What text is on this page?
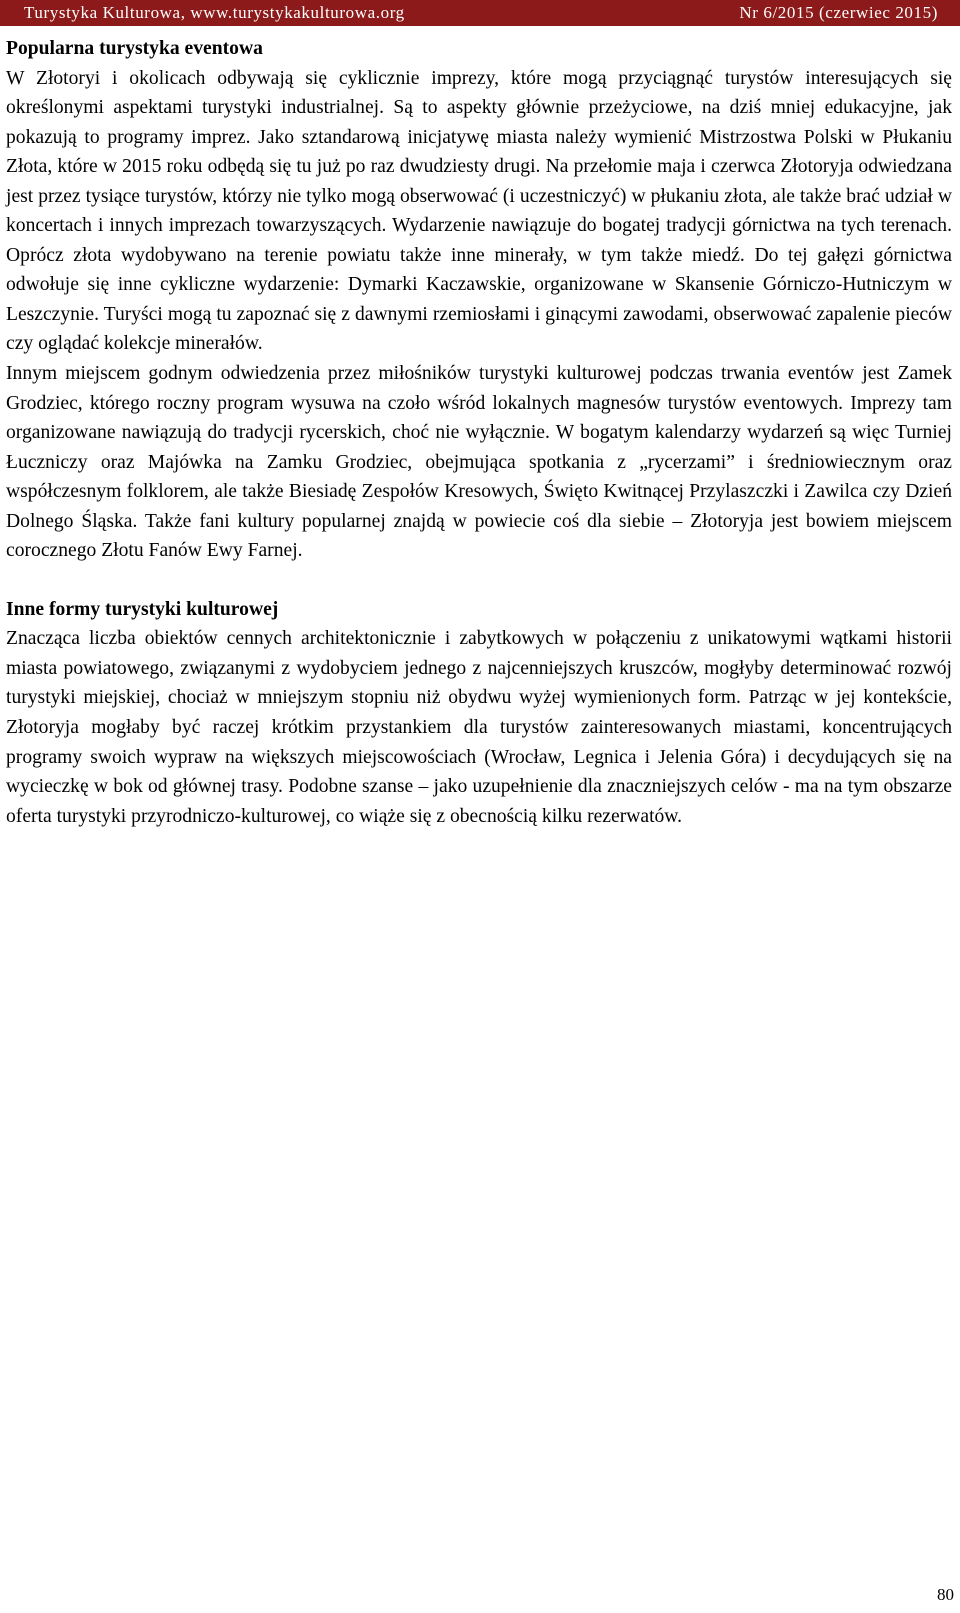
Turystyka Kulturowa, www.turystykakulturowa.org	Nr 6/2015 (czerwiec 2015)

Popularna turystyka eventowa

W Złotoryi i okolicach odbywają się cyklicznie imprezy, które mogą przyciągnąć turystów interesujących się określonymi aspektami turystyki industrialnej. Są to aspekty głównie przeżyciowe, na dziś mniej edukacyjne, jak pokazują to programy imprez. Jako sztandarową inicjatywę miasta należy wymienić Mistrzostwa Polski w Płukaniu Złota, które w 2015 roku odbędą się tu już po raz dwudziesty drugi. Na przełomie maja i czerwca Złotoryja odwiedzana jest przez tysiące turystów, którzy nie tylko mogą obserwować (i uczestniczyć) w płukaniu złota, ale także brać udział w koncertach i innych imprezach towarzyszących. Wydarzenie nawiązuje do bogatej tradycji górnictwa na tych terenach. Oprócz złota wydobywano na terenie powiatu także inne minerały, w tym także miedź. Do tej gałęzi górnictwa odwołuje się inne cykliczne wydarzenie: Dymarki Kaczawskie, organizowane w Skansenie Górniczo-Hutniczym w Leszczynie. Turyści mogą tu zapoznać się z dawnymi rzemiosłami i ginącymi zawodami, obserwować zapalenie pieców czy oglądać kolekcje minerałów.

Innym miejscem godnym odwiedzenia przez miłośników turystyki kulturowej podczas trwania eventów jest Zamek Grodziec, którego roczny program wysuwa na czoło wśród lokalnych magnesów turystów eventowych. Imprezy tam organizowane nawiązują do tradycji rycerskich, choć nie wyłącznie. W bogatym kalendarzy wydarzeń są więc Turniej Łuczniczy oraz Majówka na Zamku Grodziec, obejmująca spotkania z „rycerzami” i średniowiecznym oraz współczesnym folklorem, ale także Biesiadę Zespołów Kresowych, Święto Kwitnącej Przylaszczki i Zawilca czy Dzień Dolnego Śląska. Także fani kultury popularnej znajdą w powiecie coś dla siebie – Złotoryja jest bowiem miejscem corocznego Złotu Fanów Ewy Farnej.

Inne formy turystyki kulturowej

Znacząca liczba obiektów cennych architektonicznie i zabytkowych w połączeniu z unikatowymi wątkami historii miasta powiatowego, związanymi z wydobyciem jednego z najcenniejszych kruszców, mogłyby determinować rozwój turystyki miejskiej, chociaż w mniejszym stopniu niż obydwu wyżej wymienionych form. Patrząc w jej kontekście, Złotoryja mogłaby być raczej krótkim przystankiem dla turystów zainteresowanych miastami, koncentrujących programy swoich wypraw na większych miejscowościach (Wrocław, Legnica i Jelenia Góra) i decydujących się na wycieczkę w bok od głównej trasy. Podobne szanse – jako uzupełnienie dla znaczniejszych celów - ma na tym obszarze oferta turystyki przyrodniczo-kulturowej, co wiąże się z obecnością kilku rezerwatów.

80
